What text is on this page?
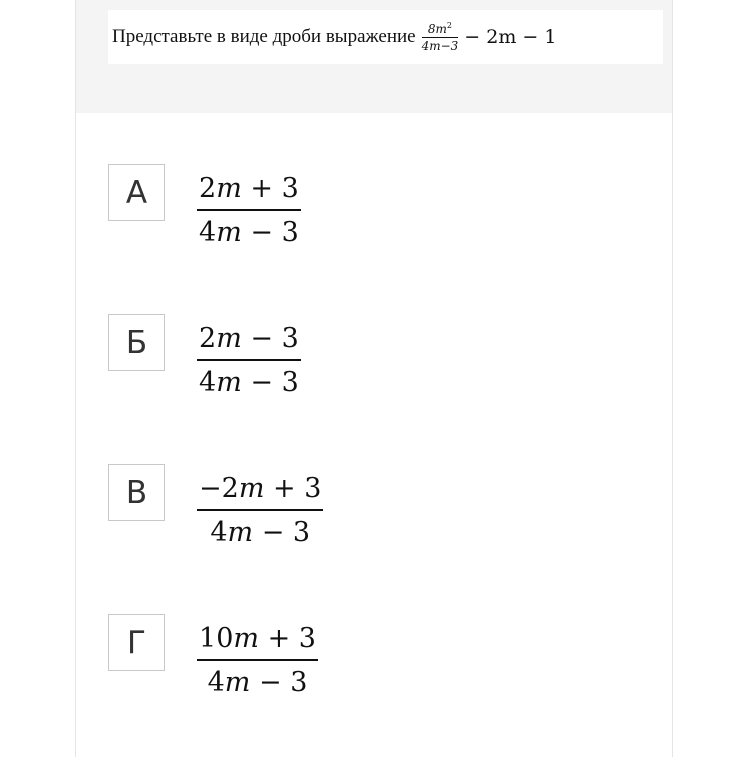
Представьте в виде дроби выражение $\frac{8m^2}{4m-3} - 2m - 1$
А	$\frac{2m + 3}{4m - 3}$
Б	$\frac{2m - 3}{4m - 3}$
В	$\frac{-2m + 3}{4m - 3}$
Г	$\frac{10m + 3}{4m - 3}$
